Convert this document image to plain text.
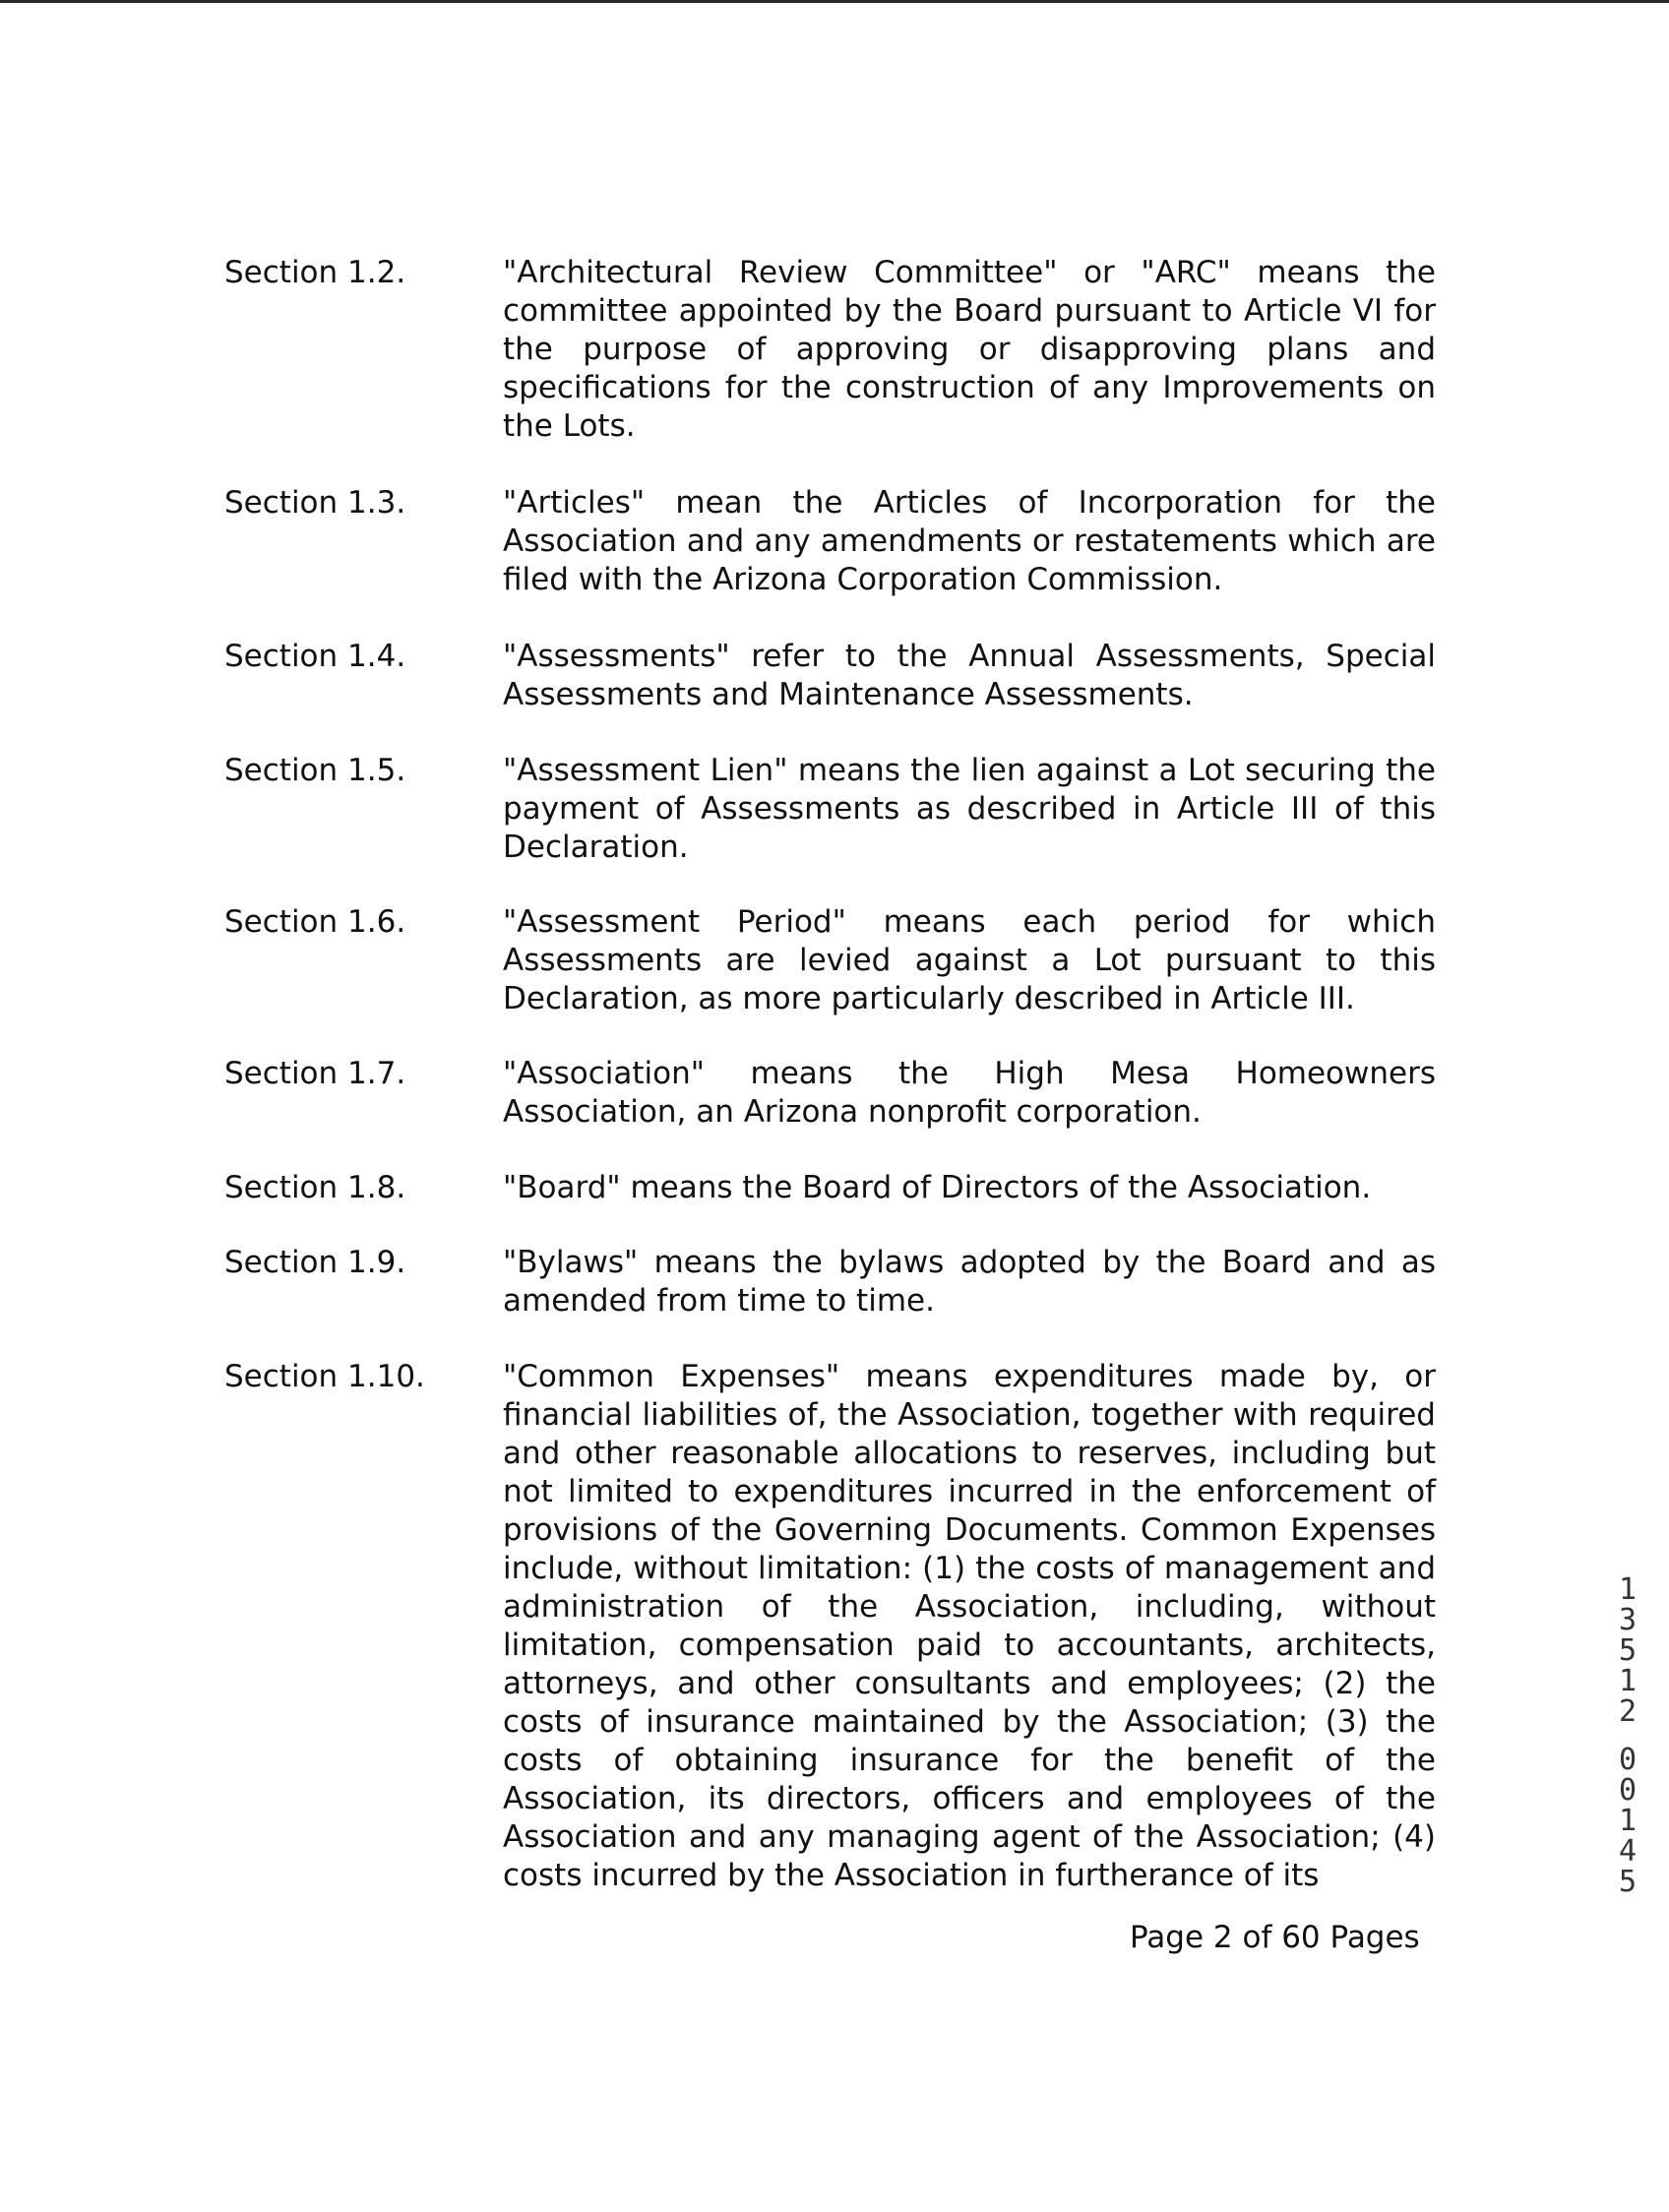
Section 1.2.	"Architectural Review Committee" or "ARC" means the committee appointed by the Board pursuant to Article VI for the purpose of approving or disapproving plans and specifications for the construction of any Improvements on the Lots.
Section 1.3.	"Articles" mean the Articles of Incorporation for the Association and any amendments or restatements which are filed with the Arizona Corporation Commission.
Section 1.4.	"Assessments" refer to the Annual Assessments, Special Assessments and Maintenance Assessments.
Section 1.5.	"Assessment Lien" means the lien against a Lot securing the payment of Assessments as described in Article III of this Declaration.
Section 1.6.	"Assessment Period" means each period for which Assessments are levied against a Lot pursuant to this Declaration, as more particularly described in Article III.
Section 1.7.	"Association" means the High Mesa Homeowners Association, an Arizona nonprofit corporation.
Section 1.8.	"Board" means the Board of Directors of the Association.
Section 1.9.	"Bylaws" means the bylaws adopted by the Board and as amended from time to time.
Section 1.10.	"Common Expenses" means expenditures made by, or financial liabilities of, the Association, together with required and other reasonable allocations to reserves, including but not limited to expenditures incurred in the enforcement of provisions of the Governing Documents. Common Expenses include, without limitation: (1) the costs of management and administration of the Association, including, without limitation, compensation paid to accountants, architects, attorneys, and other consultants and employees; (2) the costs of insurance maintained by the Association; (3) the costs of obtaining insurance for the benefit of the Association, its directors, officers and employees of the Association and any managing agent of the Association; (4) costs incurred by the Association in furtherance of its
Page 2 of 60 Pages
1
3
5
1
2
0
0
1
4
5
